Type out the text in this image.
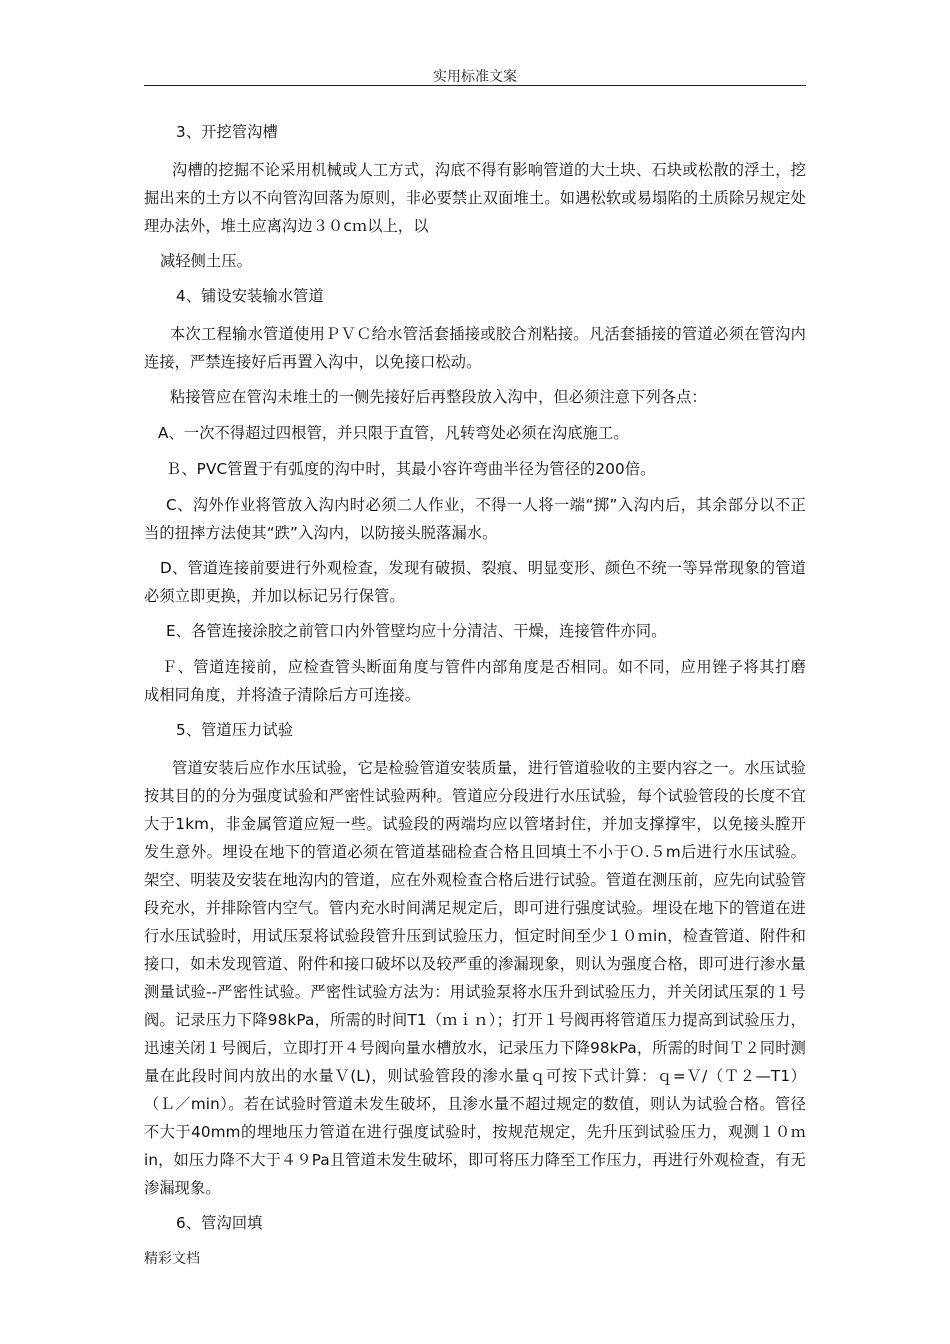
实用标准文案

3、开挖管沟槽

沟槽的挖掘不论采用机械或人工方式，沟底不得有影响管道的大土块、石块或松散的浮土，挖掘出来的土方以不向管沟回落为原则，非必要禁止双面堆土。如遇松软或易塌陷的土质除另规定处理办法外，堆土应离沟边３０cｍ以上，以

减轻侧土压。

4、铺设安装输水管道

本次工程输水管道使用ＰＶＣ给水管活套插接或胶合剂粘接。凡活套插接的管道必须在管沟内连接，严禁连接好后再置入沟中，以免接口松动。

粘接管应在管沟未堆土的一侧先接好后再整段放入沟中，但必须注意下列各点：

A、一次不得超过四根管，并只限于直管，凡转弯处必须在沟底施工。

Ｂ、PVC管置于有弧度的沟中时，其最小容许弯曲半径为管径的200倍。

C、沟外作业将管放入沟内时必须二人作业，不得一人将一端“掷”入沟内后，其余部分以不正当的扭摔方法使其“跌”入沟内，以防接头脱落漏水。

D、管道连接前要进行外观检查，发现有破损、裂痕、明显变形、颜色不统一等异常现象的管道必须立即更换，并加以标记另行保管。

E、各管连接涂胶之前管口内外管壁均应十分清洁、干燥，连接管件亦同。

Ｆ、管道连接前，应检查管头断面角度与管件内部角度是否相同。如不同，应用锉子将其打磨成相同角度，并将渣子清除后方可连接。

5、管道压力试验

管道安装后应作水压试验，它是检验管道安装质量，进行管道验收的主要内容之一。水压试验按其目的的分为强度试验和严密性试验两种。管道应分段进行水压试验，每个试验管段的长度不宜大于1km，非金属管道应短一些。试验段的两端均应以管堵封住，并加支撑撑牢，以免接头膛开发生意外。埋设在地下的管道必须在管道基础检查合格且回填土不小于Ｏ.５m后进行水压试验。架空、明装及安装在地沟内的管道，应在外观检查合格后进行试验。管道在测压前，应先向试验管段充水，并排除管内空气。管内充水时间满足规定后，即可进行强度试验。埋设在地下的管道在进行水压试验时，用试压泵将试验段管升压到试验压力，恒定时间至少１０ｍin，检查管道、附件和接口，如未发现管道、附件和接口破坏以及较严重的渗漏现象，则认为强度合格，即可进行渗水量测量试验--严密性试验。严密性试验方法为：用试验泵将水压升到试验压力，并关闭试压泵的１号阀。记录压力下降98kPa，所需的时间T1（ｍｉｎ）；打开１号阀再将管道压力提高到试验压力，迅速关闭１号阀后，立即打开４号阀向量水槽放水，记录压力下降98kPa，所需的时间Ｔ２同时测量在此段时间内放出的水量Ｖ(L)，则试验管段的渗水量ｑ可按下式计算：ｑ=Ｖ/（Ｔ２—T1）（Ｌ／min）。若在试验时管道未发生破坏，且渗水量不超过规定的数值，则认为试验合格。管径不大于40mm的埋地压力管道在进行强度试验时，按规范规定，先升压到试验压力，观测１０ｍin，如压力降不大于４９Pa且管道未发生破坏，即可将压力降至工作压力，再进行外观检查，有无渗漏现象。

6、管沟回填

精彩文档
